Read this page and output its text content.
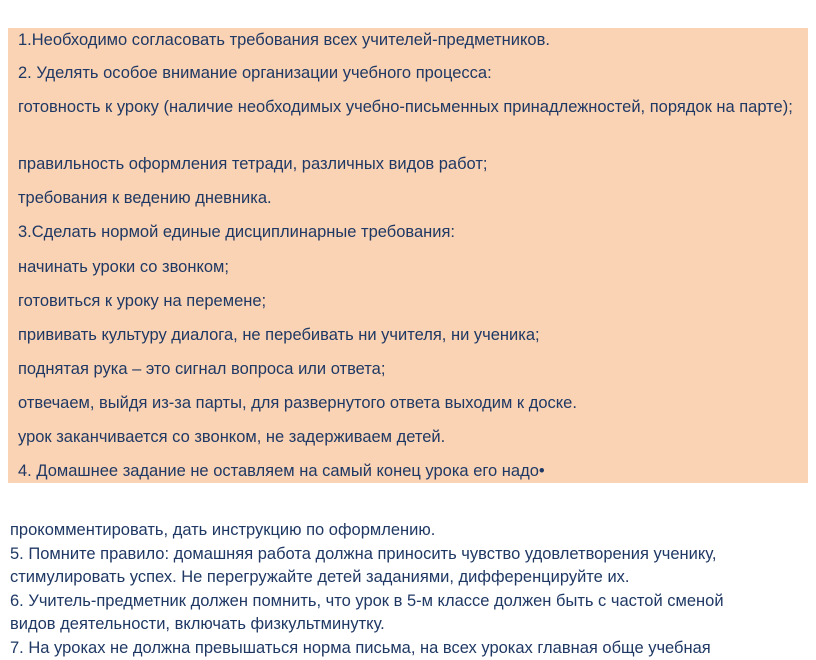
1.Необходимо согласовать требования всех учителей-предметников.
2. Уделять особое внимание организации учебного процесса:
готовность к уроку (наличие необходимых учебно-письменных принадлежностей, порядок на парте);
правильность оформления тетради, различных видов работ;
требования к ведению дневника.
3.Сделать нормой единые дисциплинарные требования:
начинать уроки со звонком;
готовиться к уроку на перемене;
прививать культуру диалога, не перебивать ни учителя, ни ученика;
поднятая рука – это сигнал вопроса или ответа;
отвечаем, выйдя из-за парты, для развернутого ответа выходим к доске.
урок заканчивается со звонком, не задерживаем детей.
4. Домашнее задание не оставляем на самый конец урока его надо•
прокомментировать, дать инструкцию по оформлению.
5. Помните правило: домашняя работа должна приносить чувство удовлетворения ученику,
стимулировать успех. Не перегружайте детей заданиями, дифференцируйте их.
6. Учитель-предметник должен помнить, что урок в 5-м классе должен быть с частой сменой
видов деятельности, включать физкультминутку.
7. На уроках не должна превышаться норма письма, на всех уроках главная обще учебная
